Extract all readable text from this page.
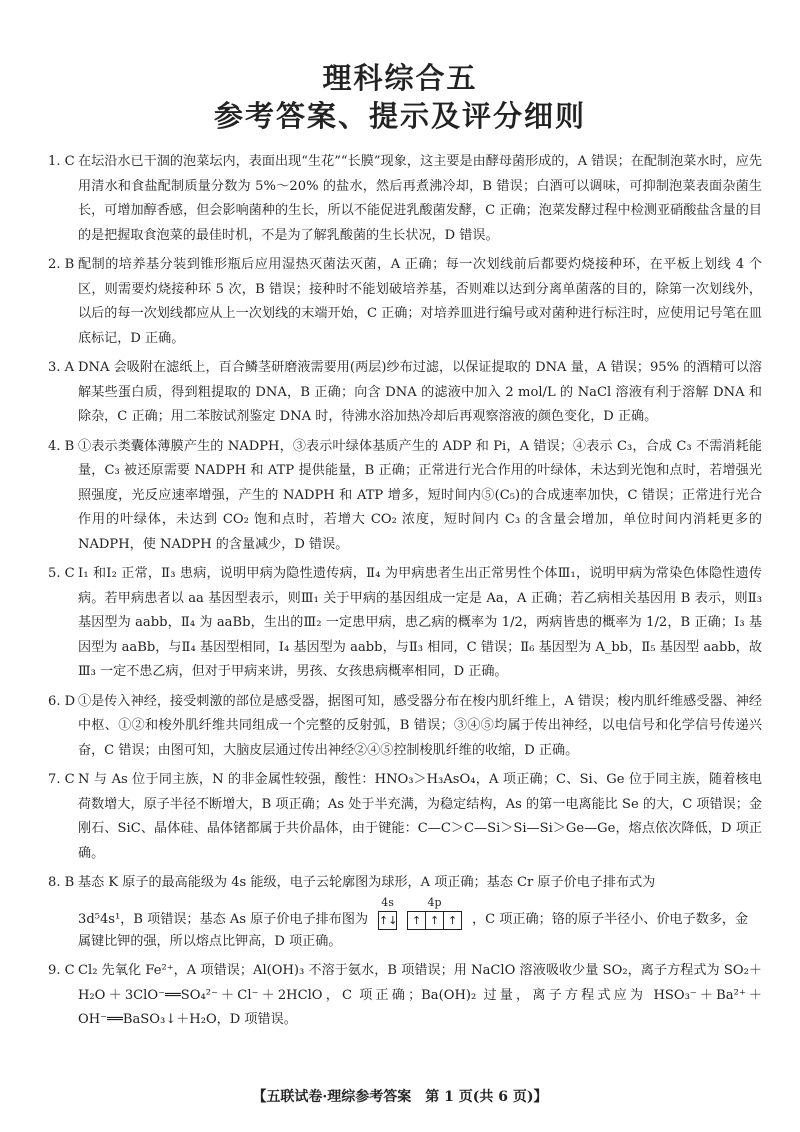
理科综合五
参考答案、提示及评分细则
1. C 在坛沿水已干涸的泡菜坛内，表面出现“生花”“长膜”现象，这主要是由酵母菌形成的，A 错误；在配制泡菜水时，应先用清水和食盐配制质量分数为 5%～20% 的盐水，然后再煮沸冷却，B 错误；白酒可以调味，可抑制泡菜表面杂菌生长，可增加醇香感，但会影响菌种的生长，所以不能促进乳酸菌发酵，C 正确；泡菜发酵过程中检测亚硝酸盐含量的目的是把握取食泡菜的最佳时机，不是为了解乳酸菌的生长状况，D 错误。
2. B 配制的培养基分装到锥形瓶后应用湿热灭菌法灭菌，A 正确；每一次划线前后都要灼烧接种环，在平板上划线 4 个区，则需要灼烧接种环 5 次，B 错误；接种时不能划破培养基，否则难以达到分离单菌落的目的，除第一次划线外，以后的每一次划线都应从上一次划线的末端开始，C 正确；对培养皿进行编号或对菌种进行标注时，应使用记号笔在皿底标记，D 正确。
3. A DNA 会吸附在滤纸上，百合鳞茎研磨液需要用(两层)纱布过滤，以保证提取的 DNA 量，A 错误；95% 的酒精可以溶解某些蛋白质，得到粗提取的 DNA，B 正确；向含 DNA 的滤液中加入 2 mol/L 的 NaCl 溶液有利于溶解 DNA 和除杂，C 正确；用二苯胺试剂鉴定 DNA 时，待沸水浴加热冷却后再观察溶液的颜色变化，D 正确。
4. B ①表示类囊体薄膜产生的 NADPH，③表示叶绿体基质产生的 ADP 和 Pi，A 错误；④表示 C₃，合成 C₃ 不需消耗能量，C₃ 被还原需要 NADPH 和 ATP 提供能量，B 正确；正常进行光合作用的叶绿体，未达到光饱和点时，若增强光照强度，光反应速率增强，产生的 NADPH 和 ATP 增多，短时间内⑤(C₅)的合成速率加快，C 错误；正常进行光合作用的叶绿体，未达到 CO₂ 饱和点时，若增大 CO₂ 浓度，短时间内 C₃ 的含量会增加，单位时间内消耗更多的 NADPH，使 NADPH 的含量减少，D 错误。
5. C Ⅰ₁ 和Ⅰ₂ 正常，Ⅱ₃ 患病，说明甲病为隐性遗传病，Ⅱ₄ 为甲病患者生出正常男性个体Ⅲ₁，说明甲病为常染色体隐性遗传病。若甲病患者以 aa 基因型表示，则Ⅲ₁ 关于甲病的基因组成一定是 Aa，A 正确；若乙病相关基因用 B 表示，则Ⅱ₃ 基因型为 aabb，Ⅱ₄ 为 aaBb，生出的Ⅲ₂ 一定患甲病，患乙病的概率为 1/2，两病皆患的概率为 1/2，B 正确；Ⅰ₃ 基因型为 aaBb，与Ⅱ₄ 基因型相同，Ⅰ₄ 基因型为 aabb，与Ⅱ₃ 相同，C 错误；Ⅱ₆ 基因型为 A_bb，Ⅱ₅ 基因型 aabb，故Ⅲ₃ 一定不患乙病，但对于甲病来讲，男孩、女孩患病概率相同，D 正确。
6. D ①是传入神经，接受刺激的部位是感受器，据图可知，感受器分布在梭内肌纤维上，A 错误；梭内肌纤维感受器、神经中枢、①②和梭外肌纤维共同组成一个完整的反射弧，B 错误；③④⑤均属于传出神经，以电信号和化学信号传递兴奋，C 错误；由图可知，大脑皮层通过传出神经②④⑤控制梭肌纤维的收缩，D 正确。
7. C N 与 As 位于同主族，N 的非金属性较强，酸性：HNO₃＞H₃AsO₄，A 项正确；C、Si、Ge 位于同主族，随着核电荷数增大，原子半径不断增大，B 项正确；As 处于半充满，为稳定结构，As 的第一电离能比 Se 的大，C 项错误；金刚石、SiC、晶体硅、晶体锗都属于共价晶体，由于键能：C—C＞C—Si＞Si—Si＞Ge—Ge，熔点依次降低，D 项正确。
8. B 基态 K 原子的最高能级为 4s 能级，电子云轮廓图为球形，A 项正确；基态 Cr 原子价电子排布式为
3d⁵4s¹，B 项错误；基态 As 原子价电子排布图为
4s
↑↓
4p
↑ ↑ ↑ ，C 项正确；铬的原子半径小、价电子数多，金
属键比钾的强，所以熔点比钾高，D 项正确。
9. C Cl₂ 先氧化 Fe²⁺，A 项错误；Al(OH)₃ 不溶于氨水，B 项错误；用 NaClO 溶液吸收少量 SO₂，离子方程式为 SO₂＋H₂O＋3ClO⁻══SO₄²⁻＋Cl⁻＋2HClO，C 项正确；Ba(OH)₂ 过量，离子方程式应为 HSO₃⁻＋Ba²⁺＋OH⁻══BaSO₃↓＋H₂O，D 项错误。
【五联试卷·理综参考答案　第 1 页(共 6 页)】
